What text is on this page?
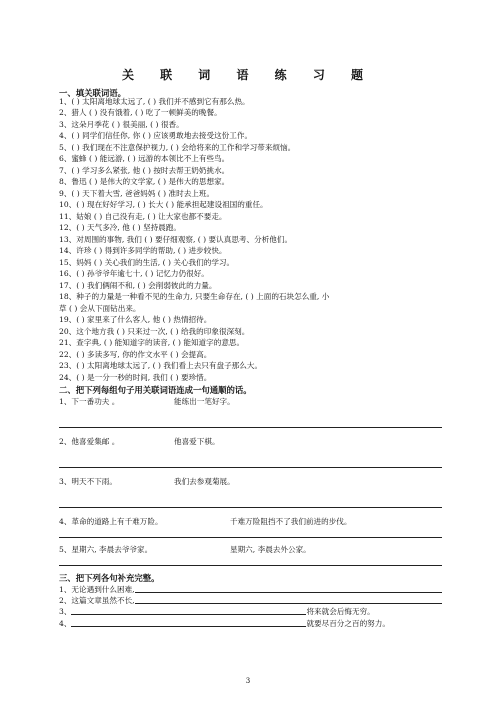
关 联 词 语 练 习 题
一、填关联词语。
1、( ) 太阳离地球太远了, ( ) 我们并不感到它有那么热。
2、猎人 ( ) 没有饿着, ( ) 吃了一顿鲜美的晚餐。
3、这朵月季花 ( ) 很美丽, ( ) 很香。
4、( ) 同学们信任你, 你 ( ) 应该勇敢地去接受这份工作。
5、( ) 我们现在不注意保护视力, ( ) 会给将来的工作和学习带来烦恼。
6、蜜蜂 ( ) 能远游, ( ) 远游的本领比不上有些鸟。
7、( ) 学习多么紧张, 他 ( ) 按时去帮王奶奶挑水。
8、鲁迅 ( ) 是伟大的文学家, ( ) 是伟大的思想家。
9、( ) 天下着大雪, 爸爸妈妈 ( ) 准时去上班。
10、( ) 现在好好学习, ( ) 长大 ( ) 能承担起建设祖国的重任。
11、姑娘 ( ) 自己没有走, ( ) 让大家也都不要走。
12、( ) 天气多冷, 他 ( ) 坚持晨跑。
13、对周围的事物, 我们 ( ) 要仔细观察, ( ) 要认真思考、分析他们。
14、许珍 ( ) 得到许多同学的帮助, ( ) 进步较快。
15、妈妈 ( ) 关心我们的生活, ( ) 关心我们的学习。
16、( ) 孙爷爷年逾七十, ( ) 记忆力仍很好。
17、( ) 我们俩闹不和, ( ) 会削弱彼此的力量。
18、种子的力量是一种看不见的生命力, 只要生命存在, ( ) 上面的石块怎么重, 小
草 ( ) 会从下面钻出来。
19、( ) 家里来了什么客人, 他 ( ) 热情招待。
20、这个地方我 ( ) 只来过一次, ( ) 给我的印象很深刻。
21、查字典, ( ) 能知道字的读音, ( ) 能知道字的意思。
22、( ) 多读多写, 你的作文水平 ( ) 会提高。
23、( ) 太阳离地球太远了, ( ) 我们看上去只有盘子那么大。
24、( ) 是一分一秒的时间, 我们 ( ) 要珍惜。
二、把下列每组句子用关联词语连成一句通顺的话。
1、下一番功夫 。	能练出一笔好字。
2、他喜爱集邮 。	他喜爱下棋。
3、明天不下雨。	我们去参观菊展。
4、革命的道路上有千难万险。	千难万险阻挡不了我们前进的步伐。
5、星期六, 李晨去爷爷家。	星期六, 李晨去外公家。
三、把下列各句补充完整。
1、无论遇到什么困难,
2、这篇文章虽然不长,
3、	将来就会后悔无穷。
4、	就要尽百分之百的努力。
3
